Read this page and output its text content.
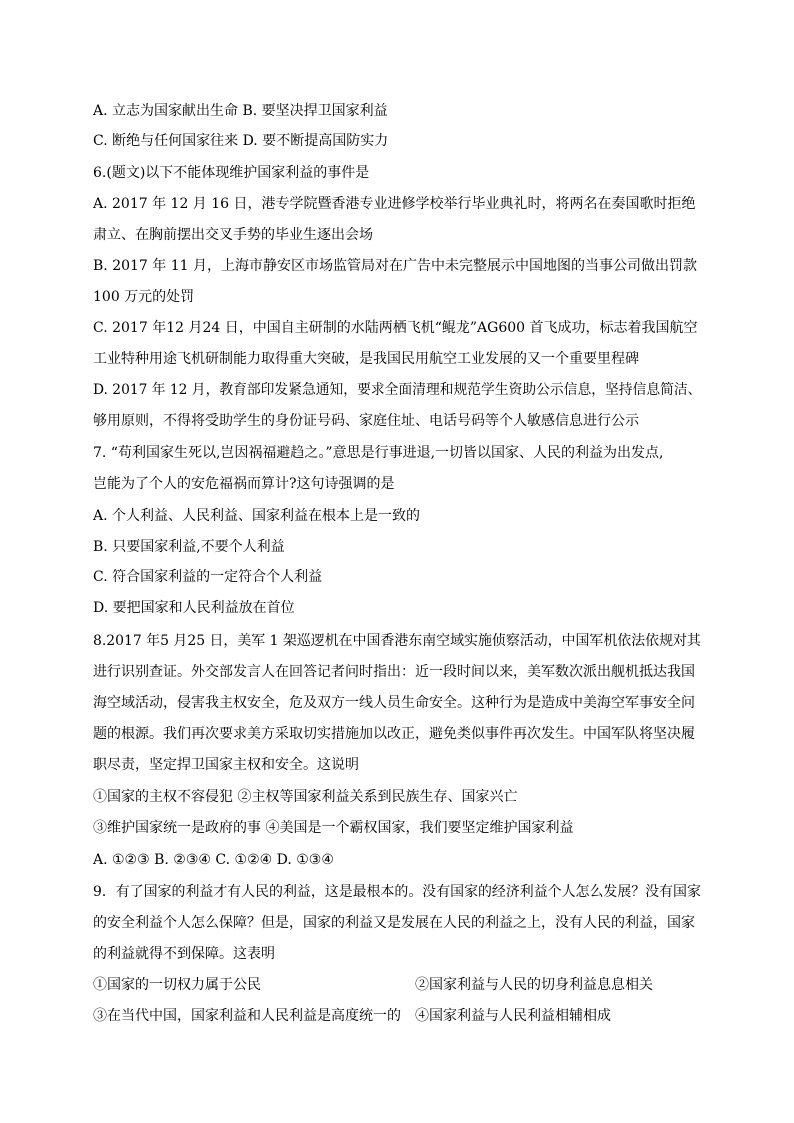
A. 立志为国家献出生命 B. 要坚决捍卫国家利益
C. 断绝与任何国家往来 D. 要不断提高国防实力
6.(题文)以下不能体现维护国家利益的事件是
A. 2017 年 12 月 16 日，港专学院暨香港专业进修学校举行毕业典礼时，将两名在奏国歌时拒绝
肃立、在胸前摆出交叉手势的毕业生逐出会场
B. 2017 年 11 月，上海市静安区市场监管局对在广告中未完整展示中国地图的当事公司做出罚款
100 万元的处罚
C. 2017 年12 月24 日，中国自主研制的水陆两栖飞机“鲲龙”AG600 首飞成功，标志着我国航空
工业特种用途飞机研制能力取得重大突破，是我国民用航空工业发展的又一个重要里程碑
D. 2017 年 12 月，教育部印发紧急通知，要求全面清理和规范学生资助公示信息，坚持信息简洁、
够用原则，不得将受助学生的身份证号码、家庭住址、电话号码等个人敏感信息进行公示
7. “苟利国家生死以,岂因祸福避趋之。”意思是行事进退,一切皆以国家、人民的利益为出发点,
岂能为了个人的安危福祸而算计?这句诗强调的是
A. 个人利益、人民利益、国家利益在根本上是一致的
B. 只要国家利益,不要个人利益
C. 符合国家利益的一定符合个人利益
D. 要把国家和人民利益放在首位
8.2017 年5 月25 日，美军 1 架巡逻机在中国香港东南空域实施侦察活动，中国军机依法依规对其
进行识别查证。外交部发言人在回答记者问时指出：近一段时间以来，美军数次派出舰机抵达我国
海空域活动，侵害我主权安全，危及双方一线人员生命安全。这种行为是造成中美海空军事安全问
题的根源。我们再次要求美方采取切实措施加以改正，避免类似事件再次发生。中国军队将坚决履
职尽责，坚定捍卫国家主权和安全。这说明
①国家的主权不容侵犯 ②主权等国家利益关系到民族生存、国家兴亡
③维护国家统一是政府的事 ④美国是一个霸权国家，我们要坚定维护国家利益
A. ①②③ B. ②③④ C. ①②④ D. ①③④
9．有了国家的利益才有人民的利益，这是最根本的。没有国家的经济利益个人怎么发展？没有国家
的安全利益个人怎么保障？但是，国家的利益又是发展在人民的利益之上，没有人民的利益，国家
的利益就得不到保障。这表明
①国家的一切权力属于公民	②国家利益与人民的切身利益息息相关
③在当代中国，国家利益和人民利益是高度统一的 ④国家利益与人民利益相辅相成
